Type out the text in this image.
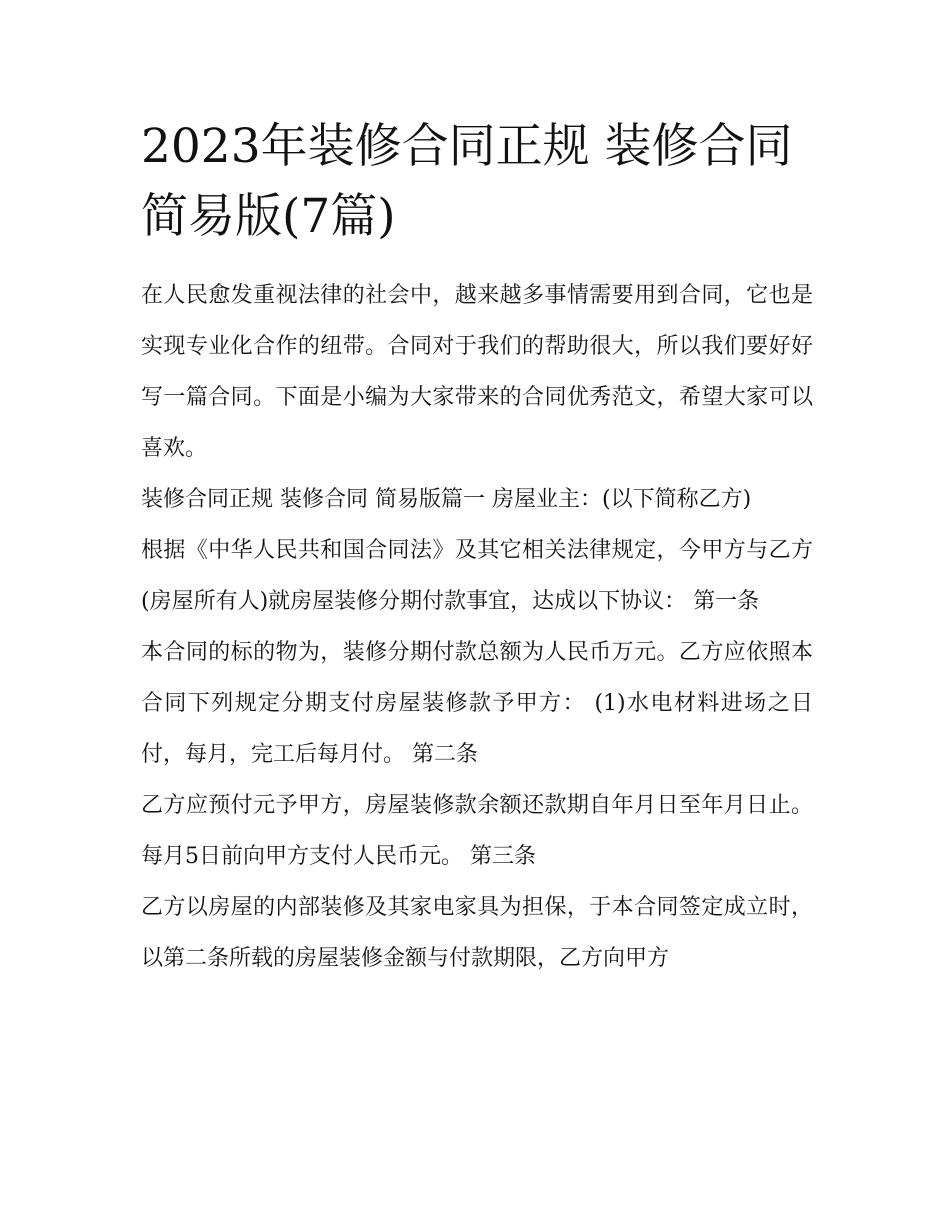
2023年装修合同正规 装修合同 简易版(7篇)

在人民愈发重视法律的社会中，越来越多事情需要用到合同，它也是实现专业化合作的纽带。合同对于我们的帮助很大，所以我们要好好写一篇合同。下面是小编为大家带来的合同优秀范文，希望大家可以喜欢。

装修合同正规 装修合同 简易版篇一 房屋业主：(以下简称乙方)

根据《中华人民共和国合同法》及其它相关法律规定，今甲方与乙方(房屋所有人)就房屋装修分期付款事宜，达成以下协议： 第一条

本合同的标的物为，装修分期付款总额为人民币万元。乙方应依照本合同下列规定分期支付房屋装修款予甲方： (1)水电材料进场之日付，每月，完工后每月付。 第二条

乙方应预付元予甲方，房屋装修款余额还款期自年月日至年月日止。 每月5日前向甲方支付人民币元。 第三条

乙方以房屋的内部装修及其家电家具为担保，于本合同签定成立时，以第二条所载的房屋装修金额与付款期限，乙方向甲方
